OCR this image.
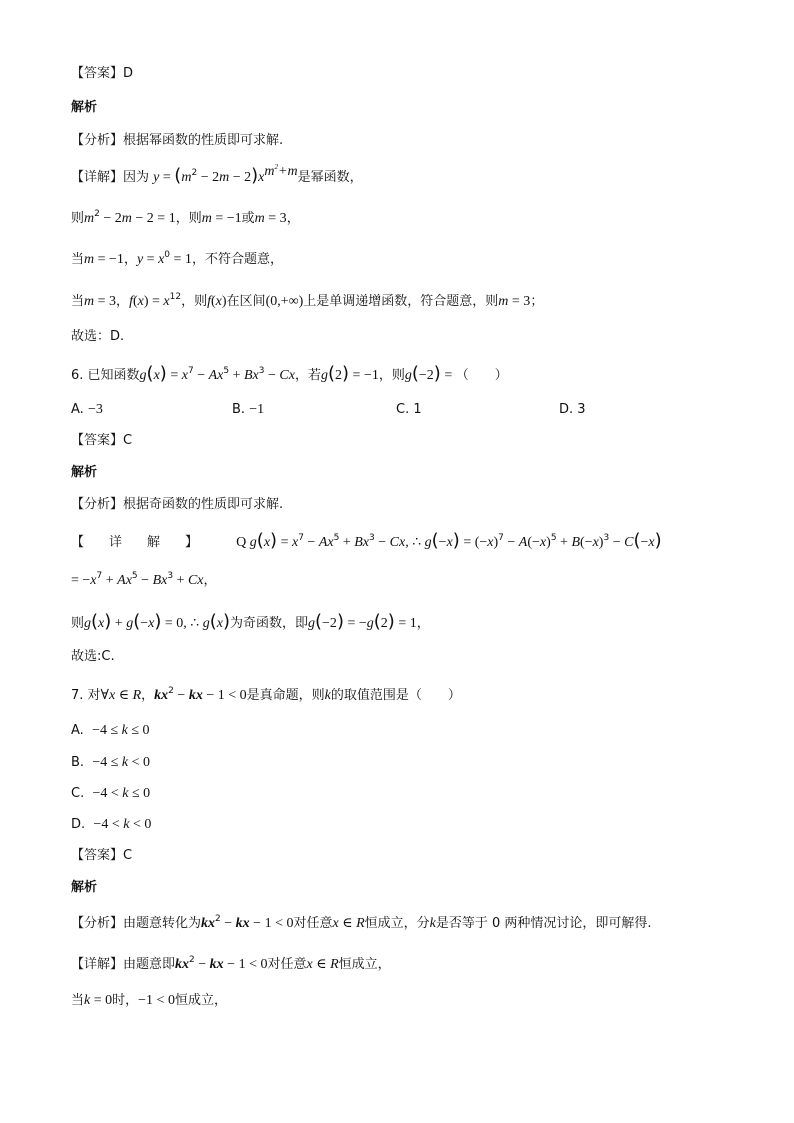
【答案】D
解析
【分析】根据幂函数的性质即可求解.
【详解】因为 $y = (m^2 - 2m - 2)x^{m^2+m}$是幂函数，
则$m^2 - 2m - 2 = 1$，则m = −1或m = 3，
当m = −1，$y = x^0 = 1$，不符合题意，
当m = 3，$f(x) = x^{12}$，则f(x)在区间(0,+∞)上是单调递增函数，符合题意，则m = 3；
故选：D.
6. 已知函数$g(x) = x^7 - Ax^5 + Bx^3 - Cx$，若g(2) = −1，则g(−2) = （　　）
A. −3	B. −1	C. 1	D. 3
【答案】C
解析
【分析】根据奇函数的性质即可求解.
【　详　解　】 Q $g(x) = x^7 - Ax^5 + Bx^3 - Cx$, ∴ $g(-x) = (-x)^7 - A(-x)^5 + B(-x)^3 - C(-x)$
= $-x^7 + Ax^5 - Bx^3 + Cx$，
则g(x) + g(−x) = 0, ∴ g(x)为奇函数，即g(−2) = −g(2) = 1，
故选:C.
7. 对∀x ∈ R，$kx^2$ − kx − 1 < 0是真命题，则k的取值范围是（　　）
A. −4 ≤ k ≤ 0
B. −4 ≤ k < 0
C. −4 < k ≤ 0
D. −4 < k < 0
【答案】C
解析
【分析】由题意转化为$kx^2$ − kx − 1 < 0对任意x ∈ R恒成立，分k是否等于 0 两种情况讨论，即可解得.
【详解】由题意即$kx^2$ − kx − 1 < 0对任意x ∈ R恒成立，
当k = 0时，−1 < 0恒成立，
